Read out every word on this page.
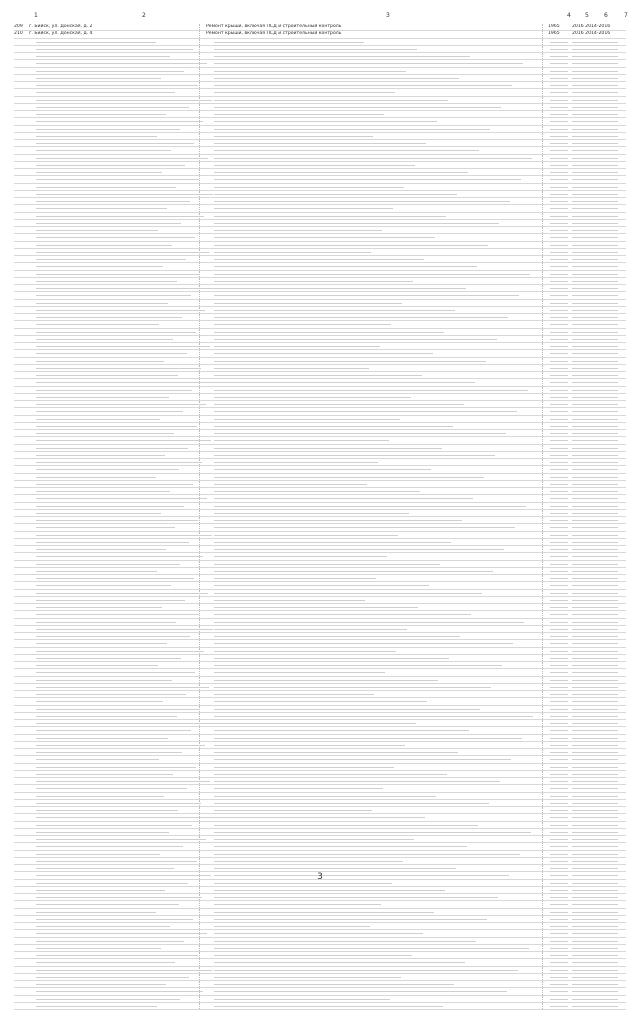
1	2	3	4 5	6	7
209	г. Бийск, ул. Донская, д. 2	Ремонт крыши, включая ПСД и строительный контроль	1965	2016 2014-2016
210	г. Бийск, ул. Донская, д. 4	Ремонт крыши, включая ПСД и строительный контроль	1965	2016 2014-2016
3
